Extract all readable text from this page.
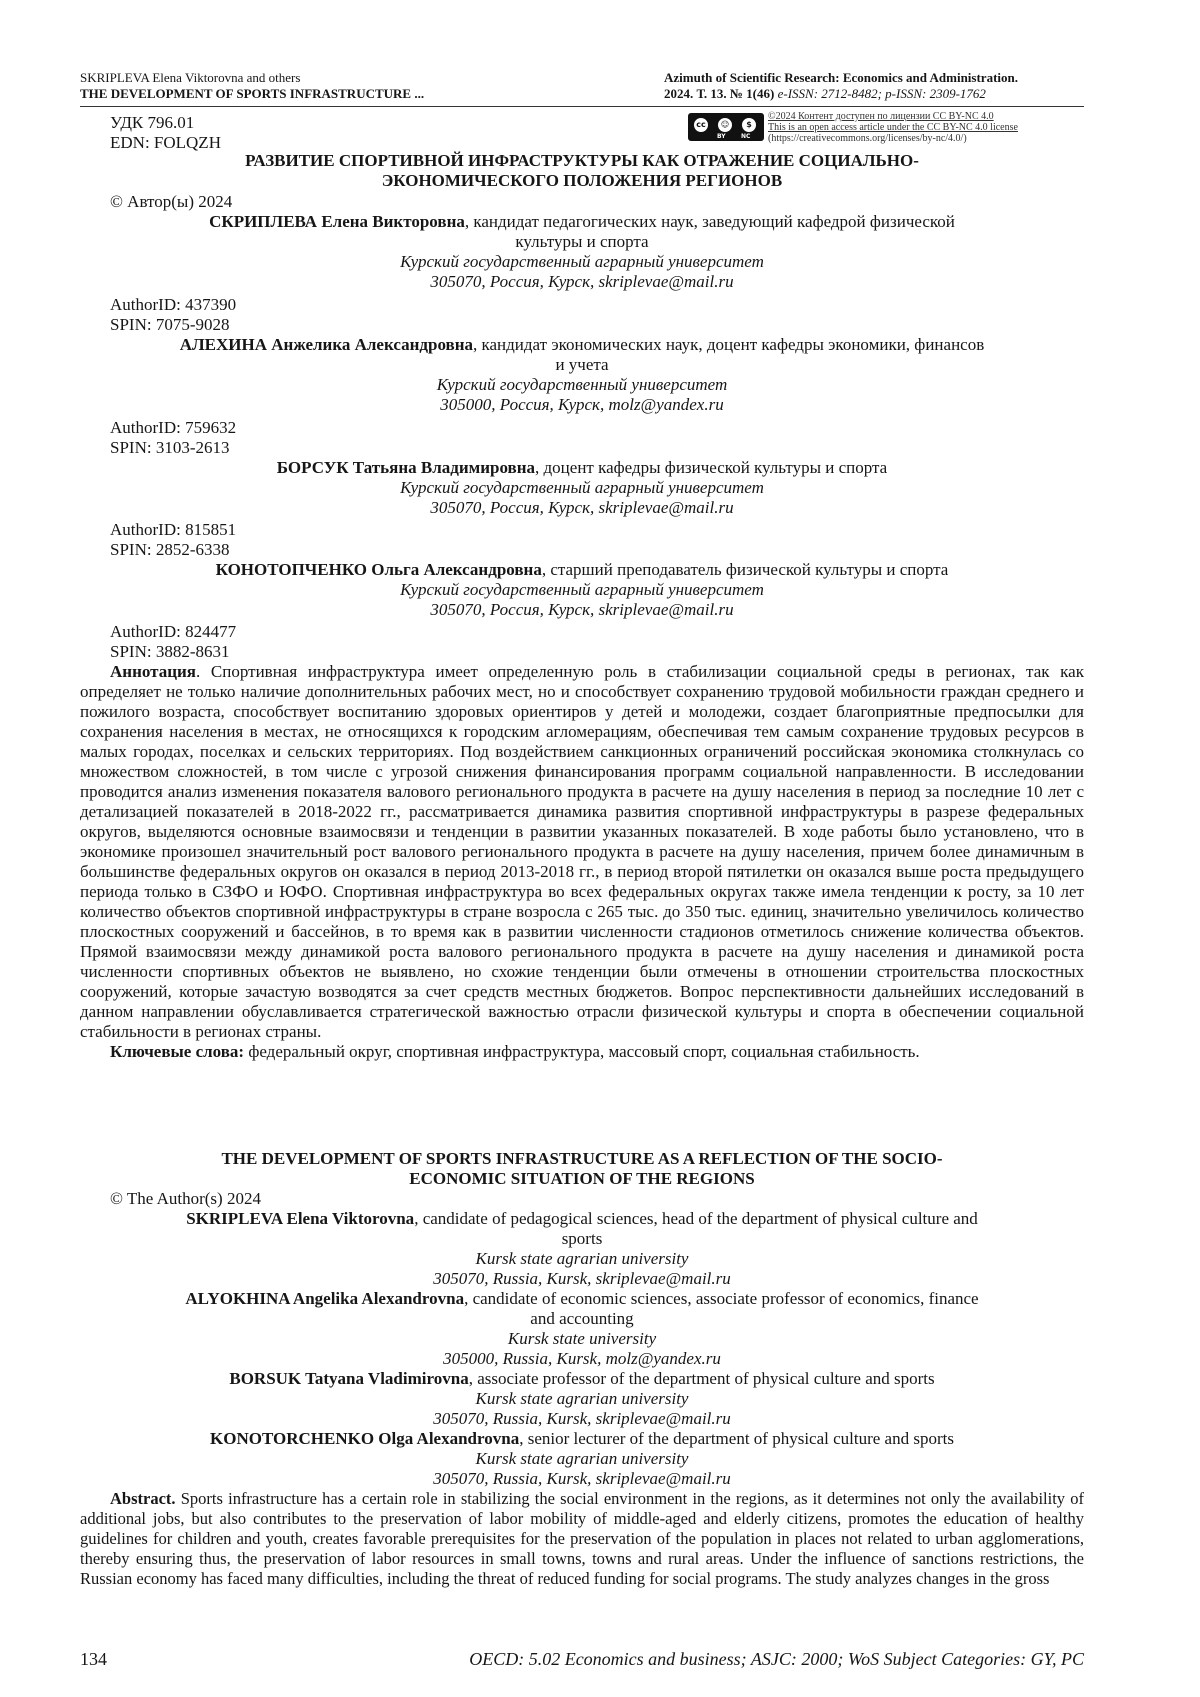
SKRIPLEVA Elena Viktorovna and others
THE DEVELOPMENT OF SPORTS INFRASTRUCTURE ...
Azimuth of Scientific Research: Economics and Administration.
2024. Т. 13. № 1(46) e-ISSN: 2712-8482; p-ISSN: 2309-1762
УДК 796.01
EDN: FOLQZH
cc	☺	$
BY	NC
©2024 Контент доступен по лицензии CC BY-NC 4.0
This is an open access article under the CC BY-NC 4.0 license
(https://creativecommons.org/licenses/by-nc/4.0/)
РАЗВИТИЕ СПОРТИВНОЙ ИНФРАСТРУКТУРЫ КАК ОТРАЖЕНИЕ СОЦИАЛЬНО-
ЭКОНОМИЧЕСКОГО ПОЛОЖЕНИЯ РЕГИОНОВ
© Автор(ы) 2024
СКРИПЛЕВА Елена Викторовна, кандидат педагогических наук, заведующий кафедрой физической
культуры и спорта
Курский государственный аграрный университет
305070, Россия, Курск, skriplevae@mail.ru
AuthorID: 437390
SPIN: 7075-9028
АЛЕХИНА Анжелика Александровна, кандидат экономических наук, доцент кафедры экономики, финансов
и учета
Курский государственный университет
305000, Россия, Курск, molz@yandex.ru
AuthorID: 759632
SPIN: 3103-2613
БОРСУК Татьяна Владимировна, доцент кафедры физической культуры и спорта
Курский государственный аграрный университет
305070, Россия, Курск, skriplevae@mail.ru
AuthorID: 815851
SPIN: 2852-6338
КОНОТОПЧЕНКО Ольга Александровна, старший преподаватель физической культуры и спорта
Курский государственный аграрный университет
305070, Россия, Курск, skriplevae@mail.ru
AuthorID: 824477
SPIN: 3882-8631
Аннотация. Спортивная инфраструктура имеет определенную роль в стабилизации социальной среды в регионах, так как определяет не только наличие дополнительных рабочих мест, но и способствует сохранению трудовой мобильности граждан среднего и пожилого возраста, способствует воспитанию здоровых ориентиров у детей и молодежи, создает благоприятные предпосылки для сохранения населения в местах, не относящихся к городским агломерациям, обеспечивая тем самым сохранение трудовых ресурсов в малых городах, поселках и сельских территориях. Под воздействием санкционных ограничений российская экономика столкнулась со множеством сложностей, в том числе с угрозой снижения финансирования программ социальной направленности. В исследовании проводится анализ изменения показателя валового регионального продукта в расчете на душу населения в период за последние 10 лет с детализацией показателей в 2018-2022 гг., рассматривается динамика развития спортивной инфраструктуры в разрезе федеральных округов, выделяются основные взаимосвязи и тенденции в развитии указанных показателей. В ходе работы было установлено, что в экономике произошел значительный рост валового регионального продукта в расчете на душу населения, причем более динамичным в большинстве федеральных округов он оказался в период 2013-2018 гг., в период второй пятилетки он оказался выше роста предыдущего периода только в СЗФО и ЮФО. Спортивная инфраструктура во всех федеральных округах также имела тенденции к росту, за 10 лет количество объектов спортивной инфраструктуры в стране возросла с 265 тыс. до 350 тыс. единиц, значительно увеличилось количество плоскостных сооружений и бассейнов, в то время как в развитии численности стадионов отметилось снижение количества объектов. Прямой взаимосвязи между динамикой роста валового регионального продукта в расчете на душу населения и динамикой роста численности спортивных объектов не выявлено, но схожие тенденции были отмечены в отношении строительства плоскостных сооружений, которые зачастую возводятся за счет средств местных бюджетов. Вопрос перспективности дальнейших исследований в данном направлении обуславливается стратегической важностью отрасли физической культуры и спорта в обеспечении социальной стабильности в регионах страны.
Ключевые слова: федеральный округ, спортивная инфраструктура, массовый спорт, социальная стабильность.
THE DEVELOPMENT OF SPORTS INFRASTRUCTURE AS A REFLECTION OF THE SOCIO-
ECONOMIC SITUATION OF THE REGIONS
© The Author(s) 2024
SKRIPLEVA Elena Viktorovna, candidate of pedagogical sciences, head of the department of physical culture and
sports
Kursk state agrarian university
305070, Russia, Kursk, skriplevae@mail.ru
ALYOKHINA Angelika Alexandrovna, candidate of economic sciences, associate professor of economics, finance
and accounting
Kursk state university
305000, Russia, Kursk, molz@yandex.ru
BORSUK Tatyana Vladimirovna, associate professor of the department of physical culture and sports
Kursk state agrarian university
305070, Russia, Kursk, skriplevae@mail.ru
KONOTORCHENKO Olga Alexandrovna, senior lecturer of the department of physical culture and sports
Kursk state agrarian university
305070, Russia, Kursk, skriplevae@mail.ru
Abstract. Sports infrastructure has a certain role in stabilizing the social environment in the regions, as it determines not only the availability of additional jobs, but also contributes to the preservation of labor mobility of middle-aged and elderly citizens, promotes the education of healthy guidelines for children and youth, creates favorable prerequisites for the preservation of the population in places not related to urban agglomerations, thereby ensuring thus, the preservation of labor resources in small towns, towns and rural areas. Under the influence of sanctions restrictions, the Russian economy has faced many difficulties, including the threat of reduced funding for social programs. The study analyzes changes in the gross
134	OECD: 5.02 Economics and business; ASJC: 2000; WoS Subject Categories: GY, PC
